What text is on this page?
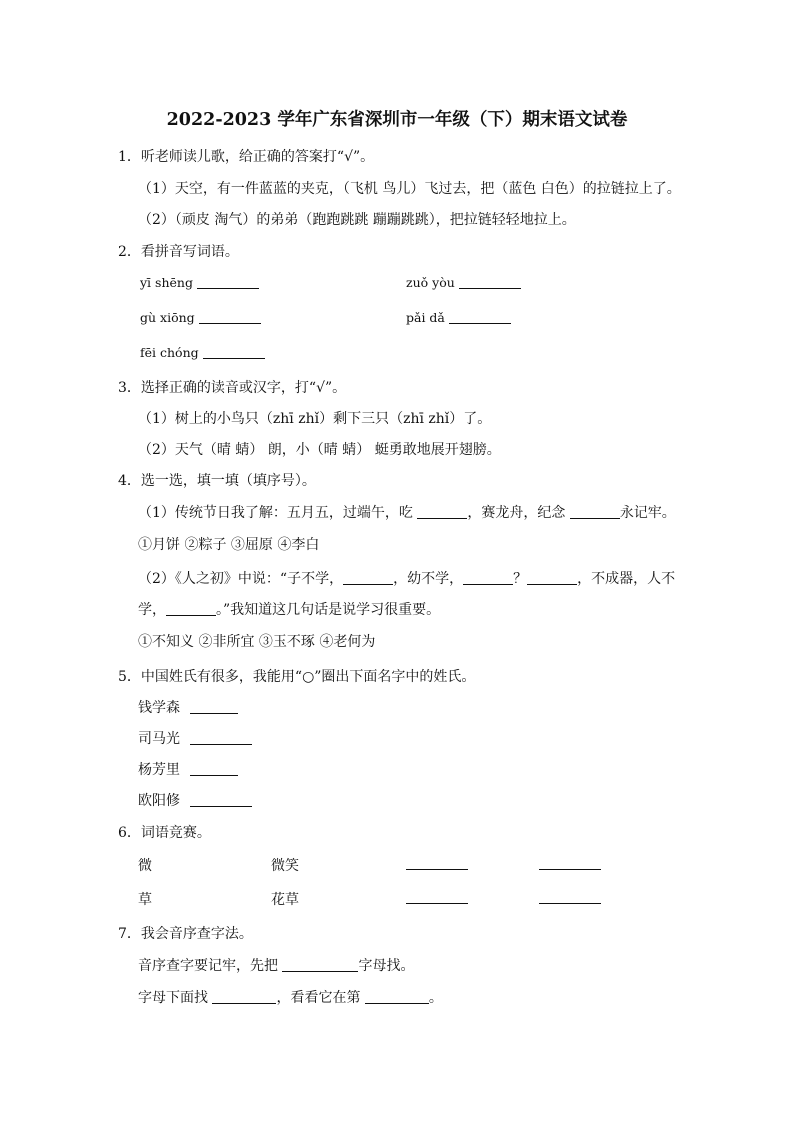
2022-2023 学年广东省深圳市一年级（下）期末语文试卷
1．听老师读儿歌，给正确的答案打“√”。
（1）天空，有一件蓝蓝的夹克，（飞机 鸟儿）飞过去，把（蓝色 白色）的拉链拉上了。
（2）（顽皮 淘气）的弟弟（跑跑跳跳 蹦蹦跳跳），把拉链轻轻地拉上。
2．看拼音写词语。
yī shēng	zuǒ yòu
gù xiōng	pǎi dǎ
fēi chóng
3．选择正确的读音或汉字，打“√”。
（1）树上的小鸟只（zhī zhǐ）剩下三只（zhī zhǐ）了。
（2）天气（晴 蜻） 朗，小（晴 蜻） 蜓勇敢地展开翅膀。
4．选一选，填一填（填序号）。
（1）传统节日我了解：五月五，过端午，吃	，赛龙舟，纪念	永记牢。
①月饼 ②粽子 ③屈原 ④李白
（2）《人之初》中说：“子不学，	，幼不学，	？	，不成器，人不
学，	。”我知道这几句话是说学习很重要。
①不知义 ②非所宜 ③玉不琢 ④老何为
5．中国姓氏有很多，我能用“○”圈出下面名字中的姓氏。
钱学森
司马光
杨芳里
欧阳修
6．词语竞赛。
微	微笑
草	花草
7．我会音序查字法。
音序查字要记牢，先把	字母找。
字母下面找	，看看它在第	。
